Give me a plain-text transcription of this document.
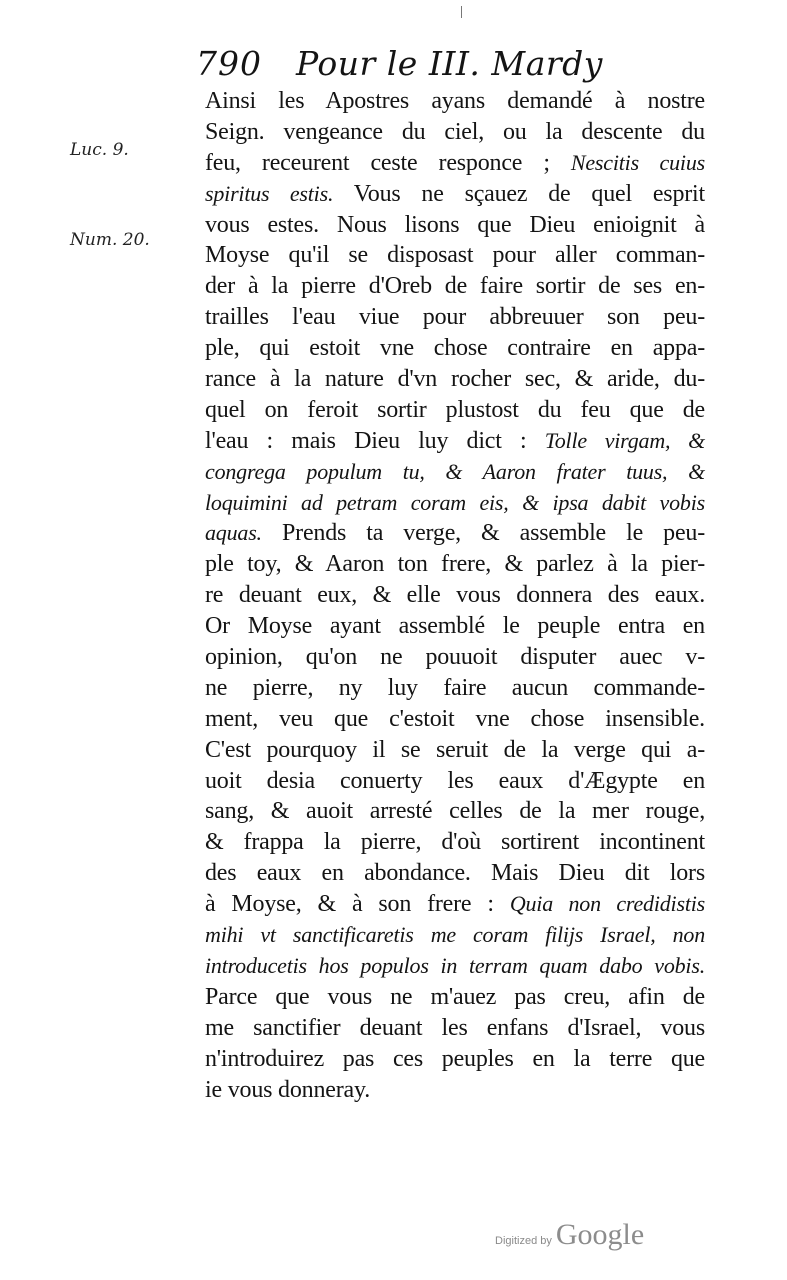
790 Pour le III. Mardy
Luc. 9.
Num. 20.
Ainsi les Apostres ayans demandé à nostre
Seign. vengeance du ciel, ou la descente du
feu, receurent ceste responce ; Nescitis cuius
spiritus estis. Vous ne sçauez de quel esprit
vous estes. Nous lisons que Dieu enioignit à
Moyse qu'il se disposast pour aller comman-
der à la pierre d'Oreb de faire sortir de ses en-
trailles l'eau viue pour abbreuuer son peu-
ple, qui estoit vne chose contraire en appa-
rance à la nature d'vn rocher sec, & aride, du-
quel on feroit sortir plustost du feu que de
l'eau : mais Dieu luy dict : Tolle virgam, &
congrega populum tu, & Aaron frater tuus, &
loquimini ad petram coram eis, & ipsa dabit vobis
aquas. Prends ta verge, & assemble le peu-
ple toy, & Aaron ton frere, & parlez à la pier-
re deuant eux, & elle vous donnera des eaux.
Or Moyse ayant assemblé le peuple entra en
opinion, qu'on ne pouuoit disputer auec v-
ne pierre, ny luy faire aucun commande-
ment, veu que c'estoit vne chose insensible.
C'est pourquoy il se seruit de la verge qui a-
uoit desia conuerty les eaux d'Ægypte en
sang, & auoit arresté celles de la mer rouge,
& frappa la pierre, d'où sortirent incontinent
des eaux en abondance. Mais Dieu dit lors
à Moyse, & à son frere : Quia non credidistis
mihi vt sanctificaretis me coram filijs Israel, non
introducetis hos populos in terram quam dabo vobis.
Parce que vous ne m'auez pas creu, afin de
me sanctifier deuant les enfans d'Israel, vous
n'introduirez pas ces peuples en la terre que
ie vous donneray.
Digitized by Google
